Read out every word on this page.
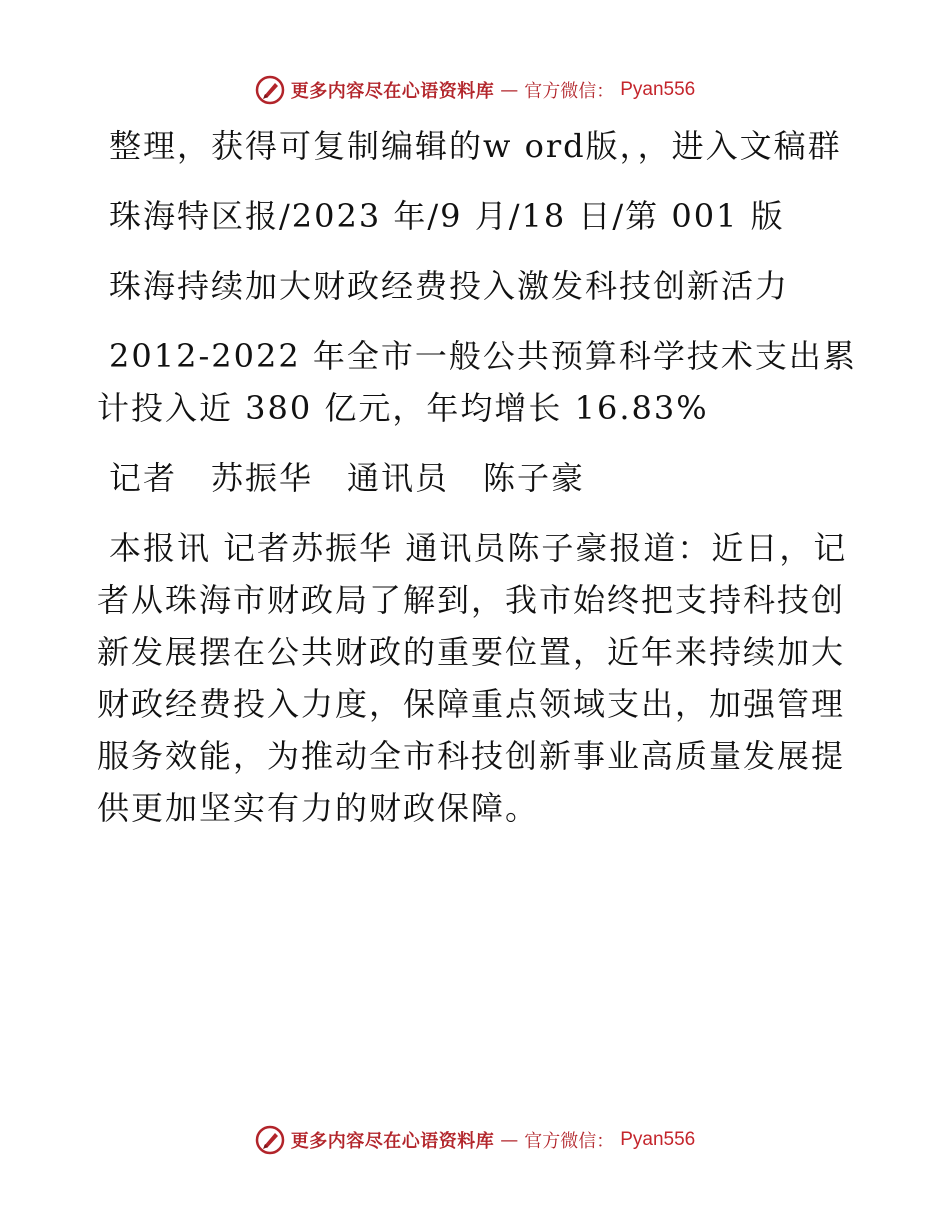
更多内容尽在心语资料库 — 官方微信： Pyan556

整理，获得可复制编辑的w ord版，，进入文稿群

珠海特区报/2023 年/9 月/18 日/第 001 版

珠海持续加大财政经费投入激发科技创新活力

2012-2022 年全市一般公共预算科学技术支出累计投入近 380 亿元，年均增长 16.83%

记者　苏振华　通讯员　陈子豪

本报讯 记者苏振华 通讯员陈子豪报道：近日，记者从珠海市财政局了解到，我市始终把支持科技创新发展摆在公共财政的重要位置，近年来持续加大财政经费投入力度，保障重点领域支出，加强管理服务效能，为推动全市科技创新事业高质量发展提供更加坚实有力的财政保障。

更多内容尽在心语资料库 — 官方微信： Pyan556
